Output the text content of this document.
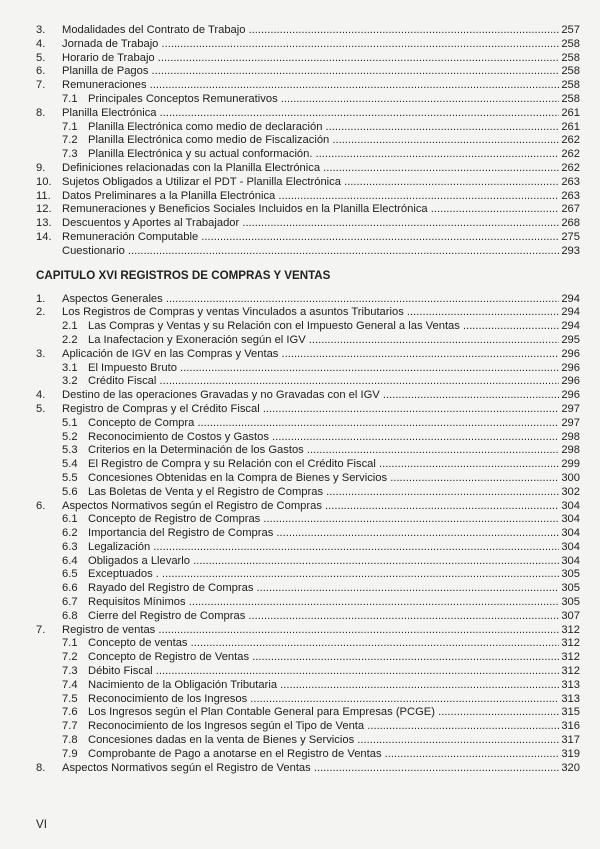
3. Modalidades del Contrato de Trabajo .....	257
4. Jornada de Trabajo .....	258
5. Horario de Trabajo .....	258
6. Planilla de Pagos .....	258
7. Remuneraciones .....	258
7.1 Principales Conceptos Remunerativos .....	258
8. Planilla Electrónica .....	261
7.1 Planilla Electrónica como medio de declaración .....	261
7.2 Planilla Electrónica como medio de Fiscalización .....	262
7.3 Planilla Electrónica y su actual conformación. .....	262
9. Definiciones relacionadas con la Planilla Electrónica .....	262
10. Sujetos Obligados a Utilizar el PDT - Planilla Electrónica .....	263
11. Datos Preliminares a la Planilla Electrónica .....	263
12. Remuneraciones y Beneficios Sociales Incluidos en la Planilla Electrónica .....	267
13. Descuentos y Aportes al Trabajador .....	268
14. Remuneración Computable .....	275
Cuestionario .....	293
CAPITULO XVI REGISTROS DE COMPRAS Y VENTAS
1. Aspectos Generales .....	294
2. Los Registros de Compras y ventas Vinculados a asuntos Tributarios .....	294
2.1 Las Compras y Ventas y su Relación con el Impuesto General a las Ventas .....	294
2.2 La Inafectacion y Exoneración según el IGV .....	295
3. Aplicación de IGV en las Compras y Ventas .....	296
3.1 El Impuesto Bruto .....	296
3.2 Crédito Fiscal .....	296
4. Destino de las operaciones Gravadas y no Gravadas con el IGV .....	296
5. Registro de Compras y el Crédito Fiscal .....	297
5.1 Concepto de Compra .....	297
5.2 Reconocimiento de Costos y Gastos .....	298
5.3 Criterios en la Determinación de los Gastos .....	298
5.4 El Registro de Compra y su Relación con el Crédito Fiscal .....	299
5.5 Concesiones Obtenidas en la Compra de Bienes y Servicios .....	300
5.6 Las Boletas de Venta y el Registro de Compras .....	302
6. Aspectos Normativos según el Registro de Compras .....	304
6.1 Concepto de Registro de Compras .....	304
6.2 Importancia del Registro de Compras .....	304
6.3 Legalización .....	304
6.4 Obligados a Llevarlo .....	304
6.5 Exceptuados . .....	305
6.6 Rayado del Registro de Compras .....	305
6.7 Requisitos Mínimos .....	305
6.8 Cierre del Registro de Compras .....	307
7. Registro de ventas .....	312
7.1 Concepto de ventas .....	312
7.2 Concepto de Registro de Ventas .....	312
7.3 Débito Fiscal .....	312
7.4 Nacimiento de la Obligación Tributaria .....	313
7.5 Reconocimiento de los Ingresos .....	313
7.6 Los Ingresos según el Plan Contable General para Empresas (PCGE) .....	315
7.7 Reconocimiento de los Ingresos según el Tipo de Venta .....	316
7.8 Concesiones dadas en la venta de Bienes y Servicios .....	317
7.9 Comprobante de Pago a anotarse en el Registro de Ventas .....	319
8. Aspectos Normativos según el Registro de Ventas .....	320
VI
